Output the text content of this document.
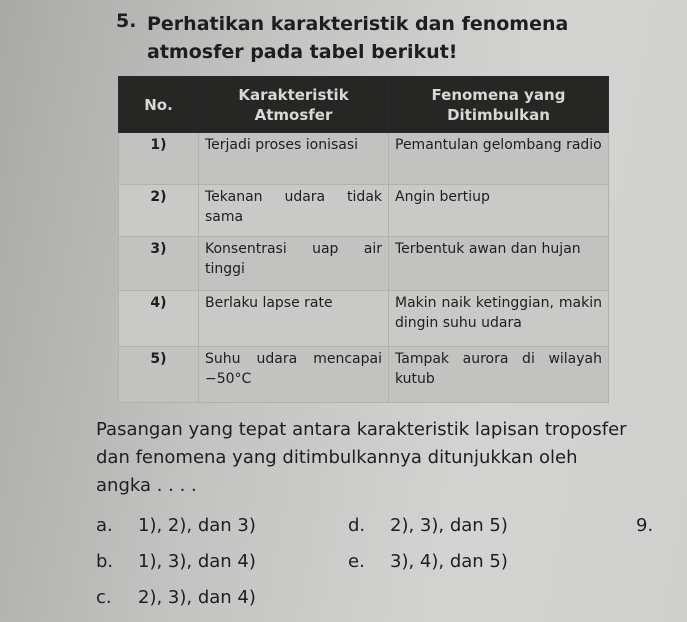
5. Perhatikan karakteristik dan fenomena atmosfer pada tabel berikut!
No.	Karakteristik Atmosfer	Fenomena yang Ditimbulkan
1)	Terjadi proses ionisasi	Pemantulan gelombang radio
2)	Tekanan udara tidak sama	Angin bertiup
3)	Konsentrasi uap air tinggi	Terbentuk awan dan hujan
4)	Berlaku lapse rate	Makin naik ketinggian, makin dingin suhu udara
5)	Suhu udara mencapai −50°C	Tampak aurora di wilayah kutub
Pasangan yang tepat antara karakteristik lapisan troposfer dan fenomena yang ditimbulkannya ditunjukkan oleh angka . . . .
a. 1), 2), dan 3)
b. 1), 3), dan 4)
c. 2), 3), dan 4)
d. 2), 3), dan 5)
e. 3), 4), dan 5)
9.
